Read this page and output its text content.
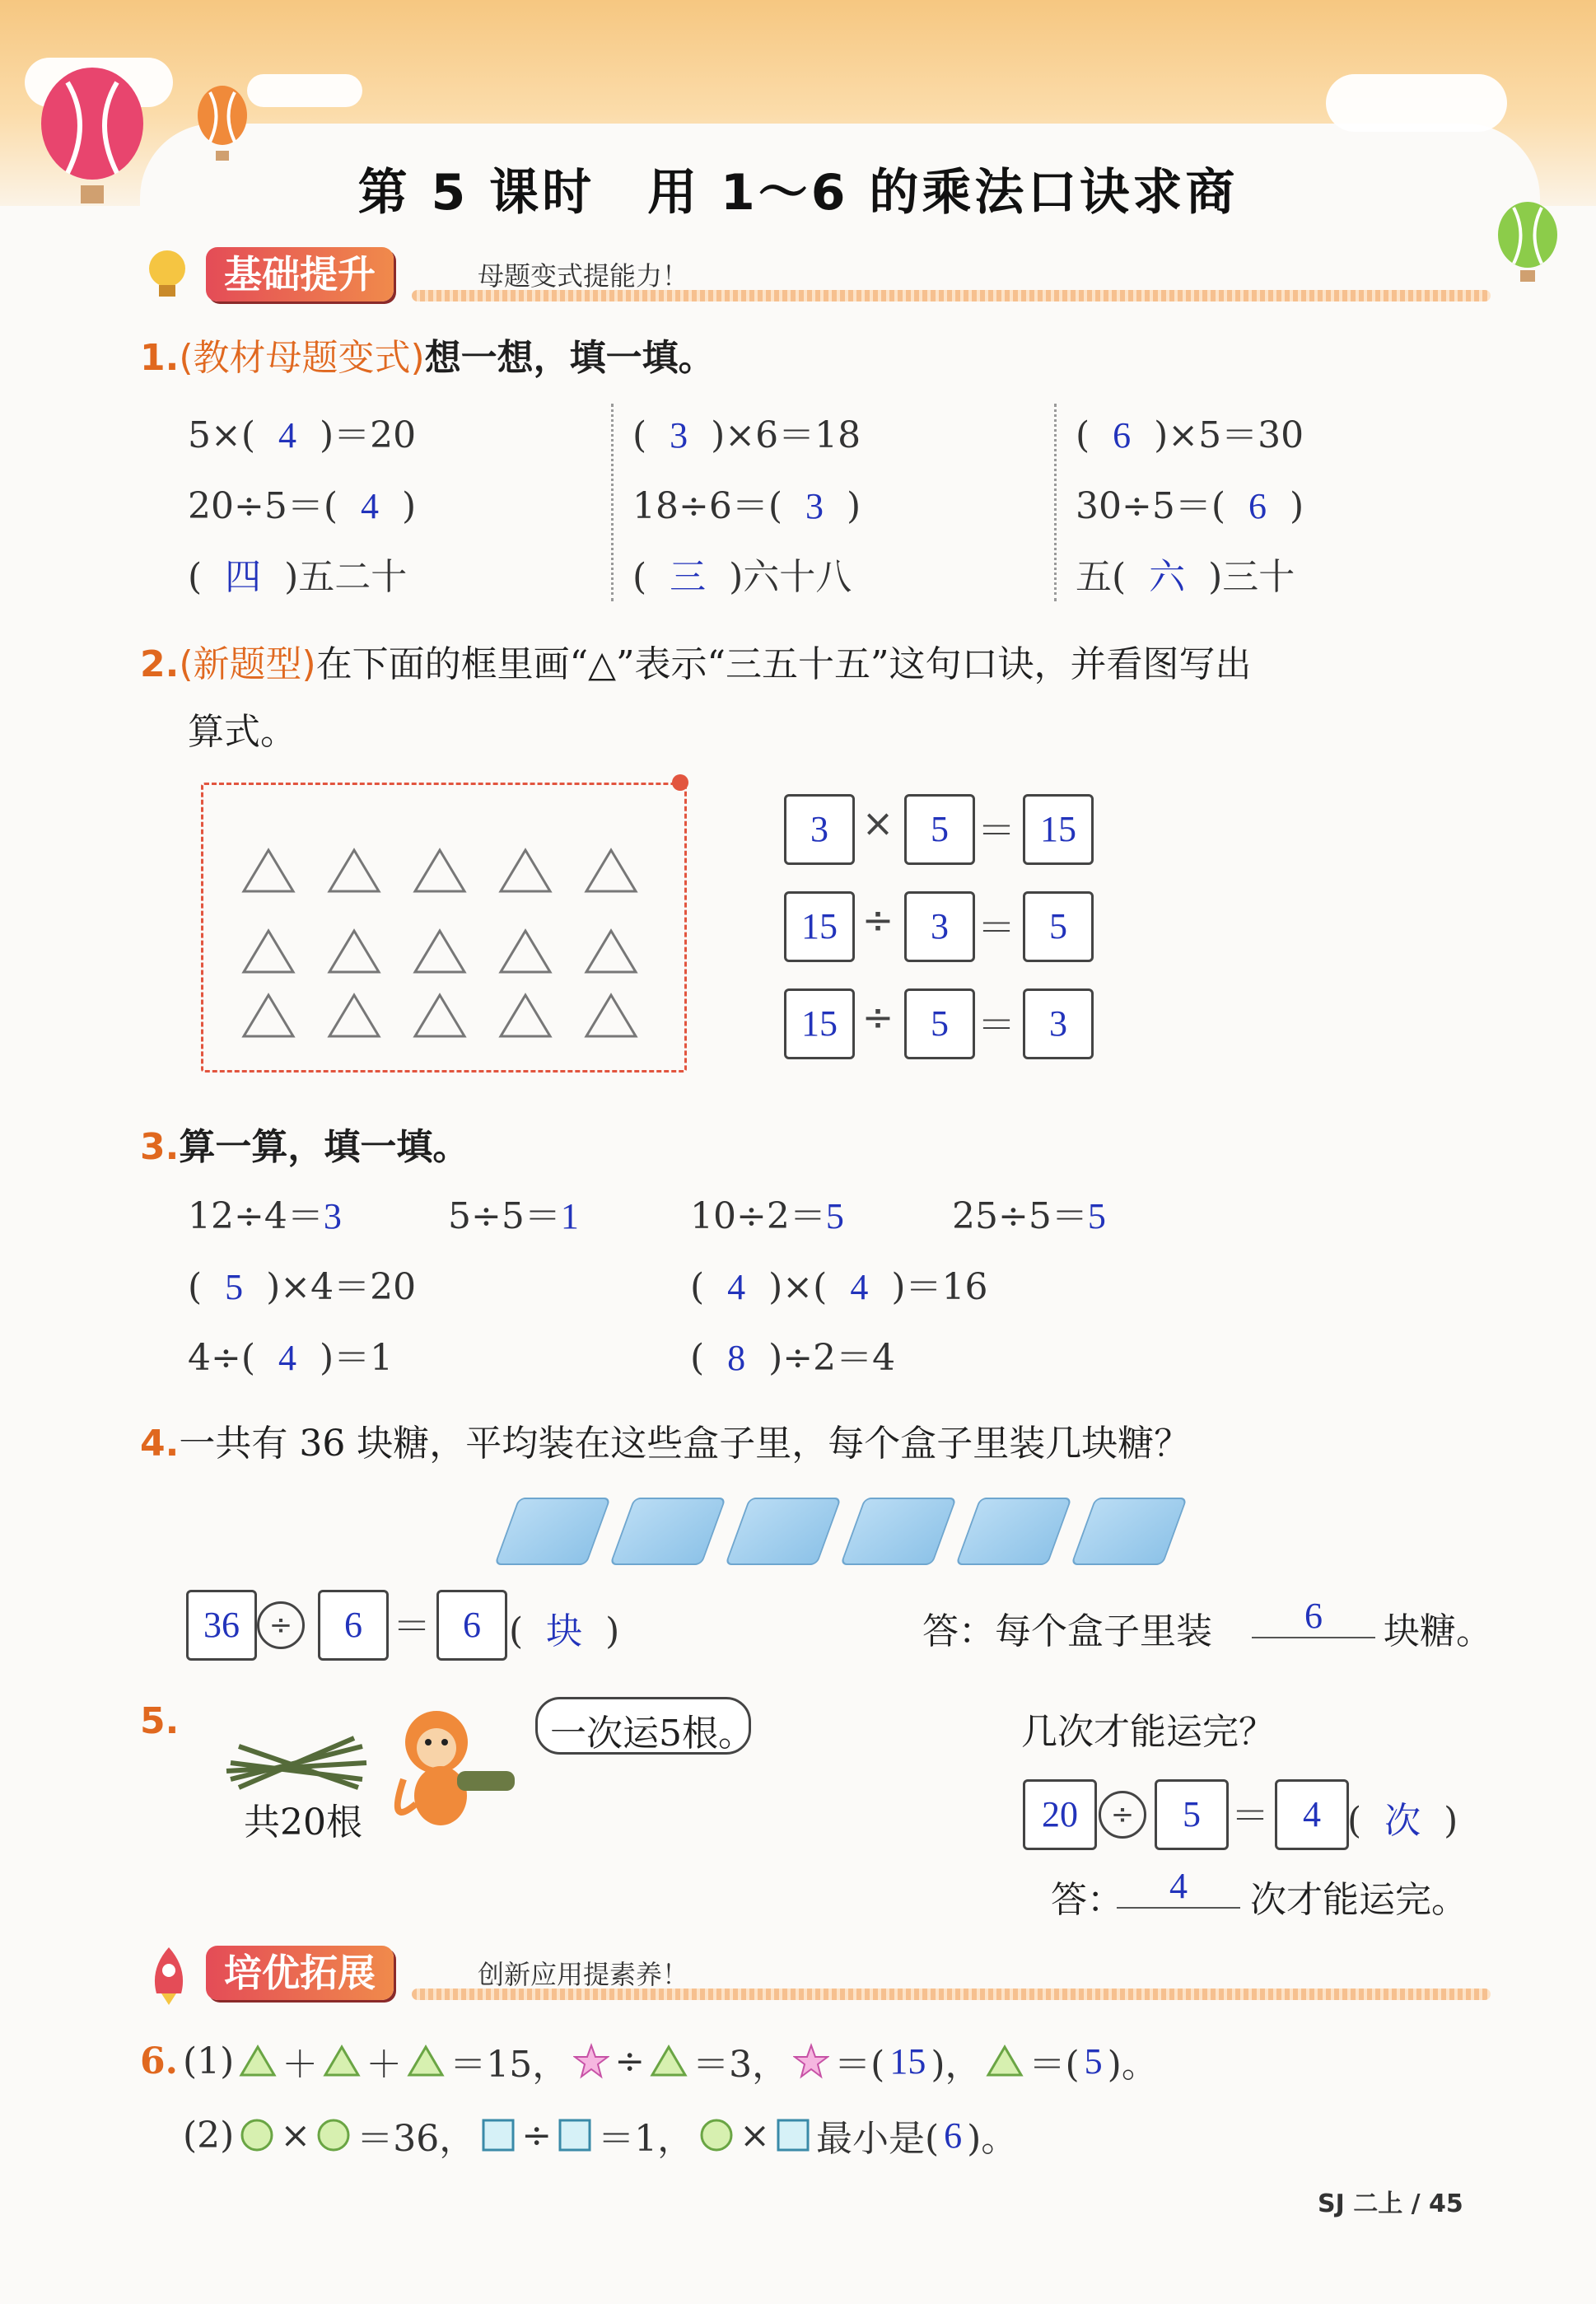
第 5 课时　用 1～6 的乘法口诀求商
基础提升	母题变式提能力！
1.(教材母题变式)想一想，填一填。
5×( 4 )＝20
20÷5＝( 4 )
( 四 )五二十
( 3 )×6＝18
18÷6＝( 3 )
( 三 )六十八
( 6 )×5＝30
30÷5＝( 6 )
五( 六 )三十
2.(新题型)在下面的框里画“△”表示“三五十五”这句口诀，并看图写出
算式。
3 ×	5 ＝ 15
15 ÷	3 ＝ 5
15 ÷	5 ＝ 3
3.算一算，填一填。
12÷4＝3	5÷5＝1	10÷2＝5	25÷5＝5
( 5 )×4＝20	( 4 )×( 4 )＝16
4÷( 4 )＝1	( 8 )÷2＝4
4.一共有 36 块糖，平均装在这些盒子里，每个盒子里装几块糖？
36	÷	6 ＝ 6 ( 块 )	答：每个盒子里装	6	块糖。
5.
共20根
一次运5根。	几次才能运完？
20	÷	5 ＝ 4 ( 次 )
答：	4	次才能运完。
培优拓展	创新应用提素养！
6. (1) ＋ ＋ ＝15， ÷ ＝3， ＝( 15 )， ＝( 5 )。
(2) × ＝36， ÷ ＝1， × 最小是( 6 )。
SJ 二上 / 45
